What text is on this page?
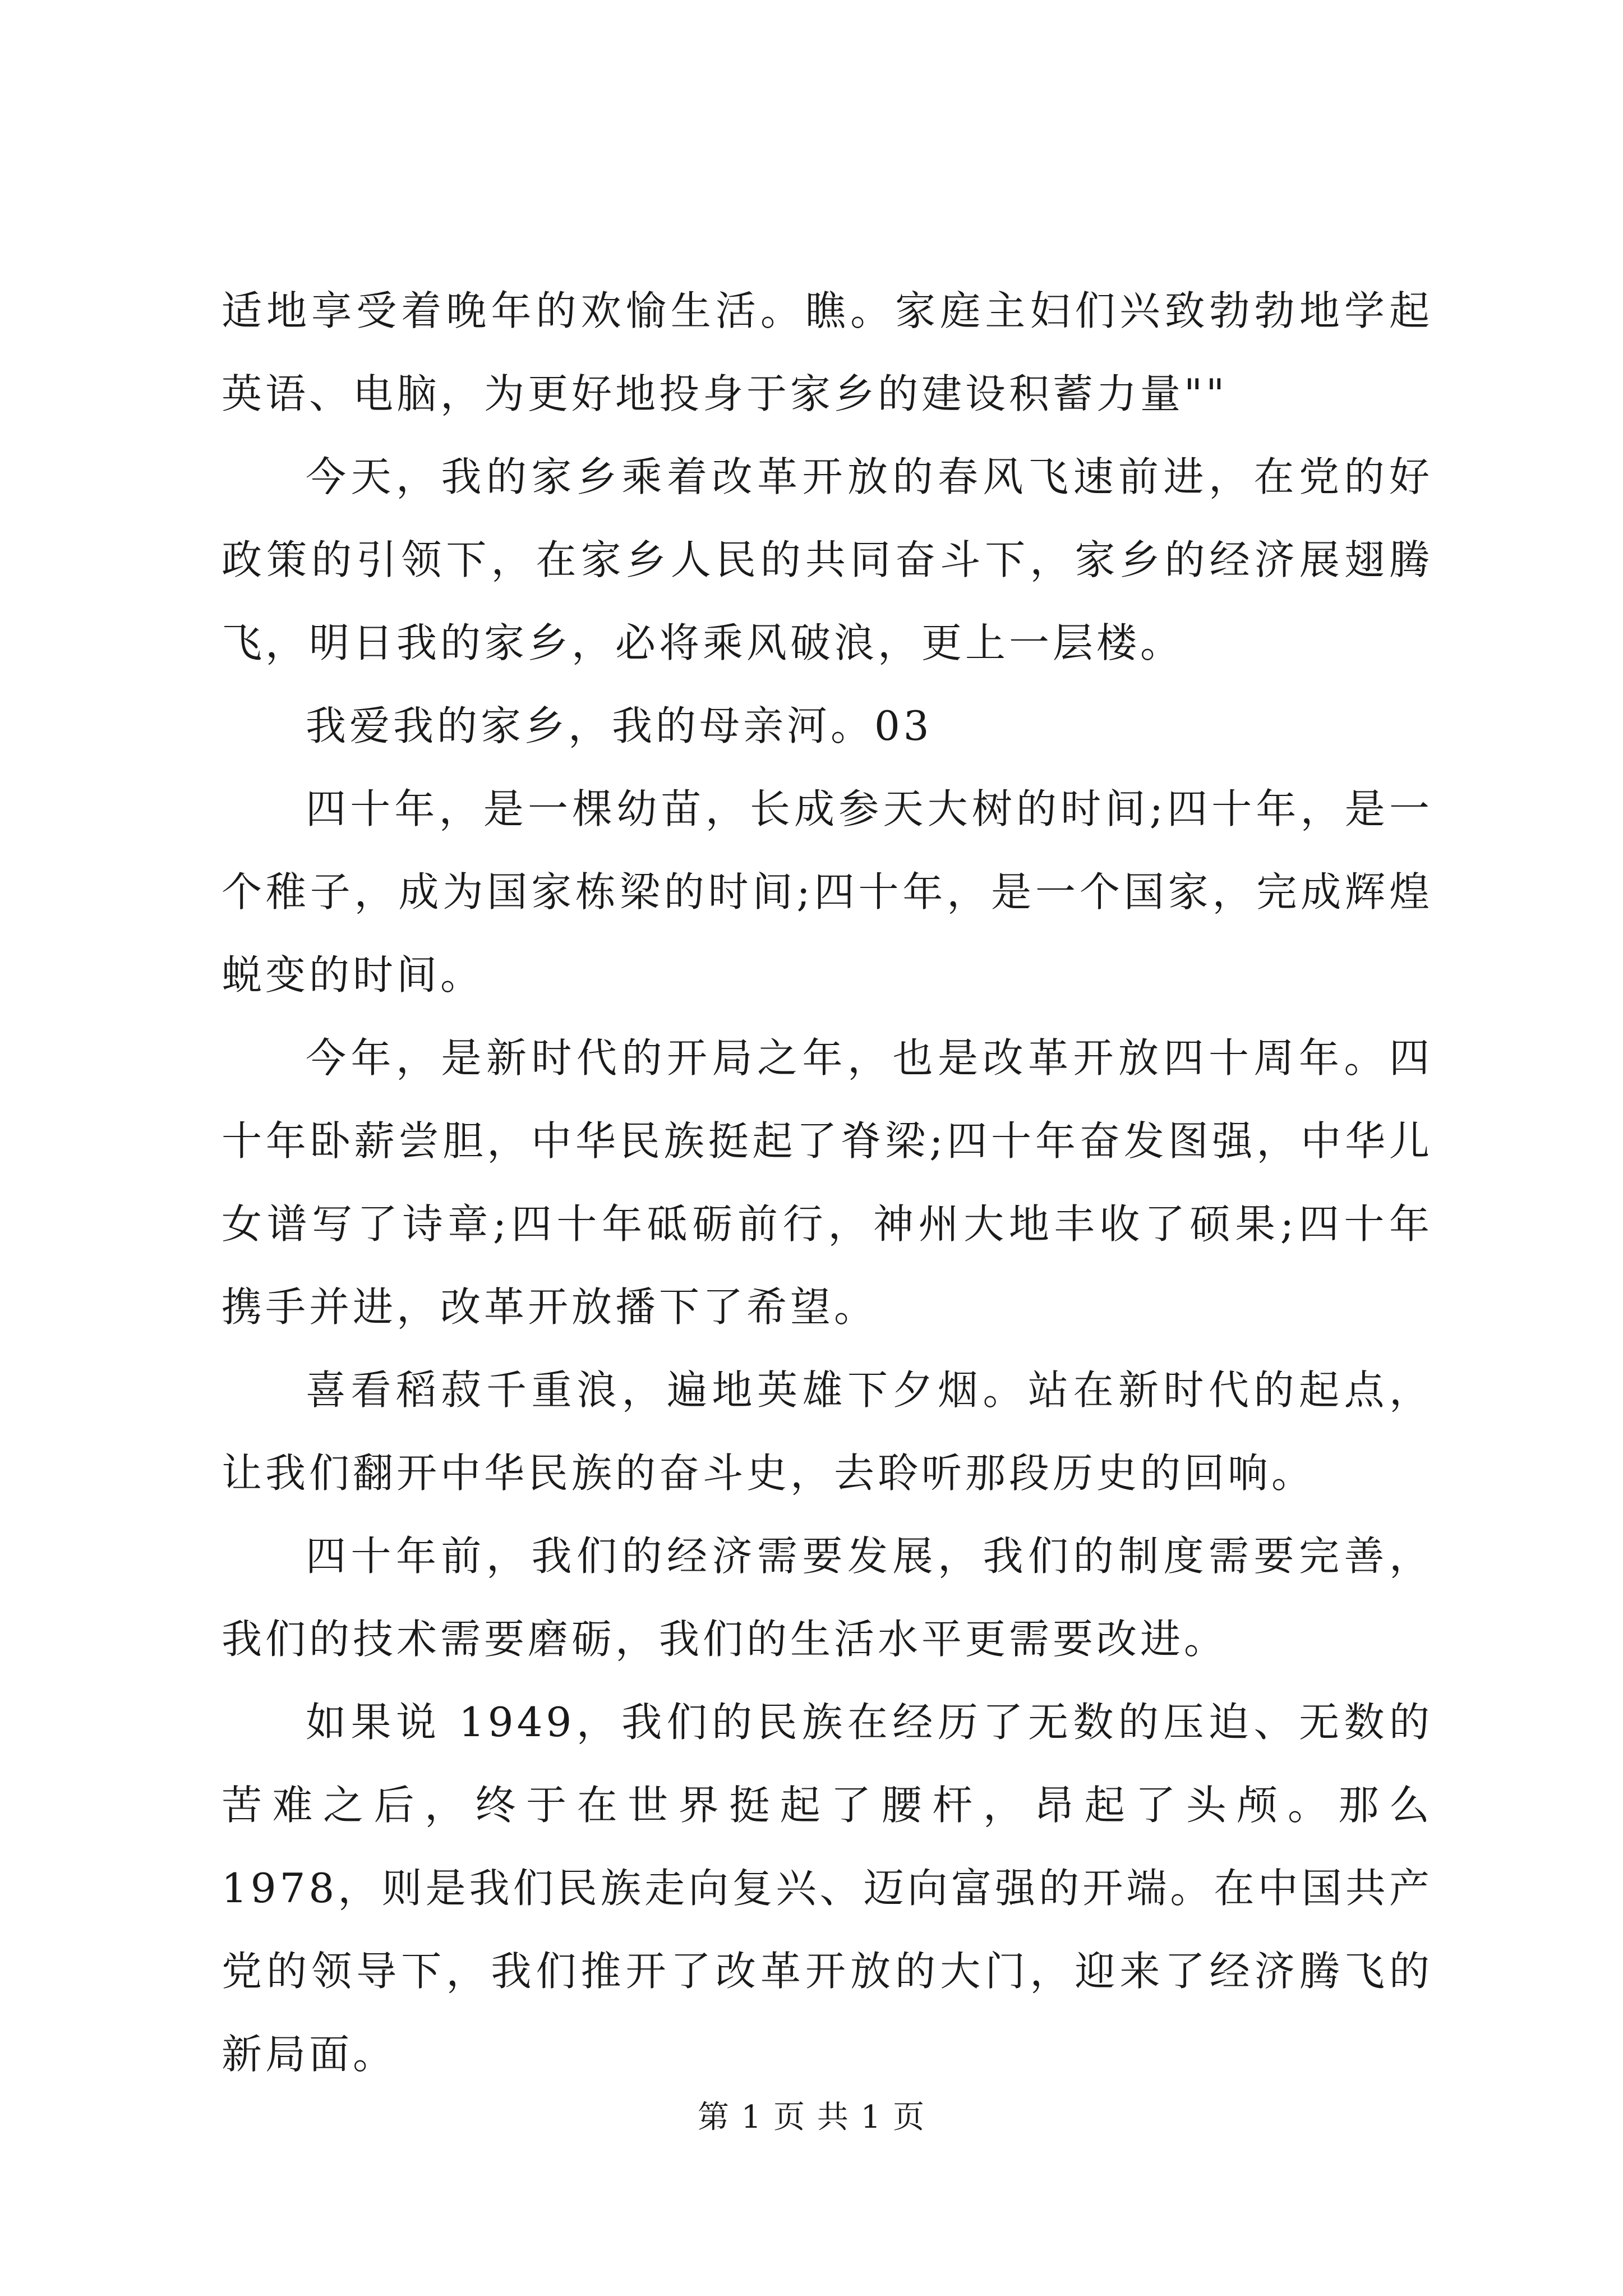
适地享受着晚年的欢愉生活。瞧。家庭主妇们兴致勃勃地学起英语、电脑，为更好地投身于家乡的建设积蓄力量""

今天，我的家乡乘着改革开放的春风飞速前进，在党的好政策的引领下，在家乡人民的共同奋斗下，家乡的经济展翅腾飞，明日我的家乡，必将乘风破浪，更上一层楼。

我爱我的家乡，我的母亲河。03

四十年，是一棵幼苗，长成参天大树的时间;四十年，是一个稚子，成为国家栋梁的时间;四十年，是一个国家，完成辉煌蜕变的时间。

今年，是新时代的开局之年，也是改革开放四十周年。四十年卧薪尝胆，中华民族挺起了脊梁;四十年奋发图强，中华儿女谱写了诗章;四十年砥砺前行，神州大地丰收了硕果;四十年携手并进，改革开放播下了希望。

喜看稻菽千重浪，遍地英雄下夕烟。站在新时代的起点，让我们翻开中华民族的奋斗史，去聆听那段历史的回响。

四十年前，我们的经济需要发展，我们的制度需要完善，我们的技术需要磨砺，我们的生活水平更需要改进。

如果说 1949，我们的民族在经历了无数的压迫、无数的苦难之后，终于在世界挺起了腰杆，昂起了头颅。那么 1978，则是我们民族走向复兴、迈向富强的开端。在中国共产党的领导下，我们推开了改革开放的大门，迎来了经济腾飞的新局面。

第 1 页 共 1 页
